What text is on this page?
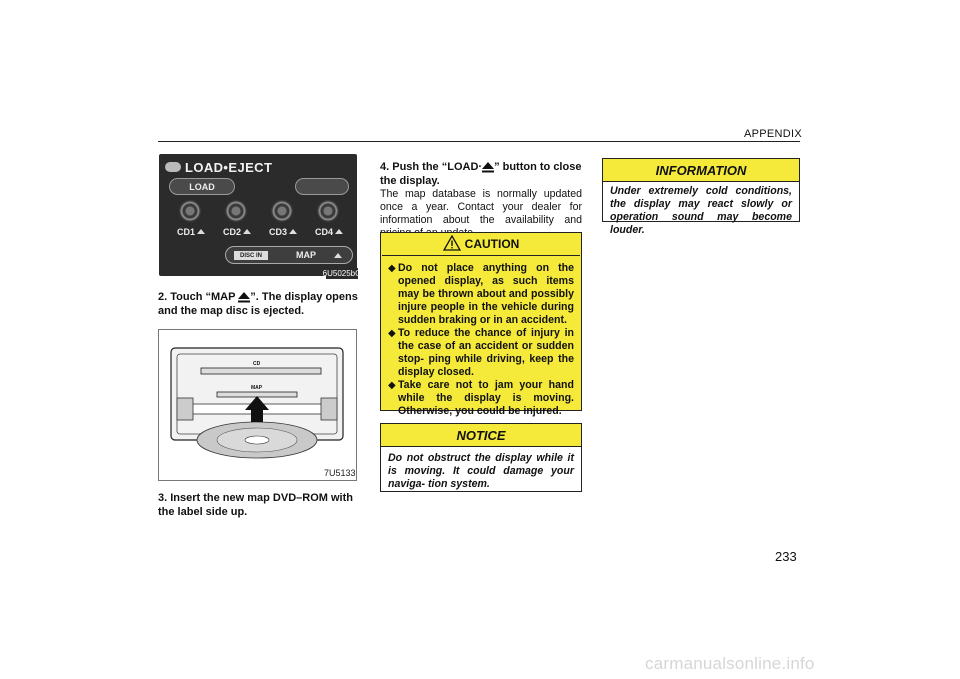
APPENDIX
LOAD•EJECT
LOAD
CD1	CD2	CD3	CD4
DISC IN	MAP
6U5025bG
2. Touch “MAP ”. The display opens and the map disc is ejected.
CD
MAP
7U5133
3. Insert the new map DVD–ROM with the label side up.
4. Push the “LOAD· ” button to close the display.
The map database is normally updated once a year. Contact your dealer for information about the availability and
CAUTION
◆ Do not place anything on the opened display, as such items may be thrown about and possibly injure people in the vehicle during sudden braking or in an accident.
◆ To reduce the chance of injury in the case of an accident or sudden stop- ping while driving, keep the display closed.
◆ Take care not to jam your hand while the display is moving. Otherwise, you could be injured.
NOTICE
Do not obstruct the display while it is moving. It could damage your naviga- tion system.
INFORMATION
Under extremely cold conditions, the display may react slowly or operation sound may become louder.
233
carmanualsonline.info
